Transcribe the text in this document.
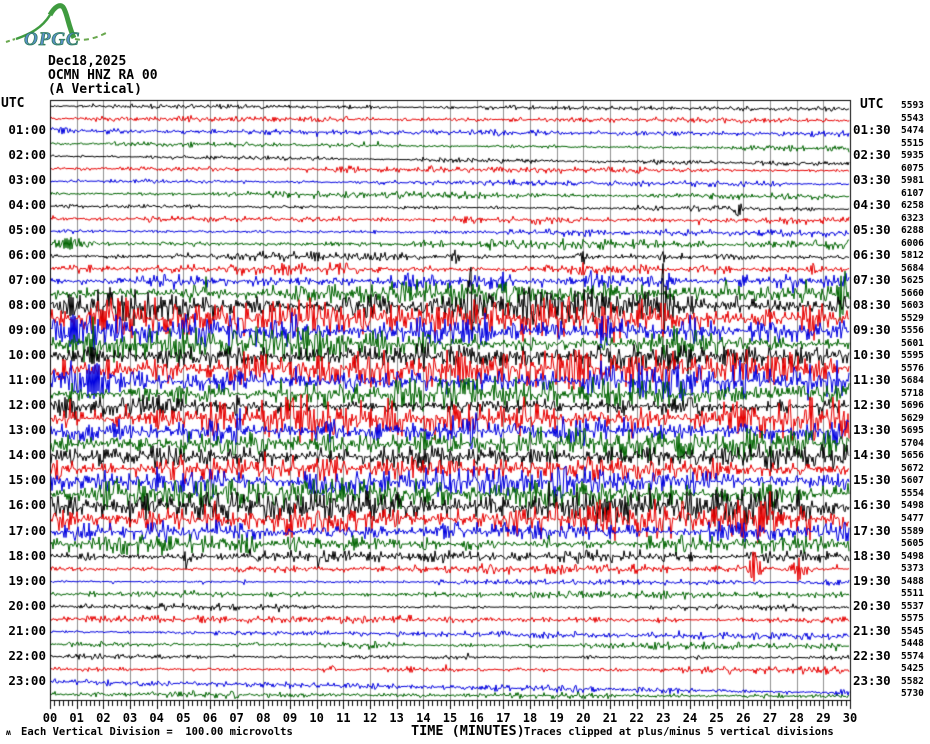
OPGC
Dec18,2025
OCMN HNZ RA 00
(A Vertical)
UTC	UTC
01:00
02:00
03:00
04:00
05:00
06:00
07:00
08:00
09:00
10:00
11:00
12:00
13:00
14:00
15:00
16:00
17:00
18:00
19:00
20:00
21:00
22:00
23:00
01:30
02:30
03:30
04:30
05:30
06:30
07:30
08:30
09:30
10:30
11:30
12:30
13:30
14:30
15:30
16:30
17:30
18:30
19:30
20:30
21:30
22:30
23:30
5593
5543
5474
5515
5935
6075
5981
6107
6258
6323
6288
6006
5812
5684
5625
5660
5603
5529
5556
5601
5595
5576
5684
5718
5696
5629
5695
5704
5656
5672
5607
5554
5498
5477
5589
5605
5498
5373
5488
5511
5537
5575
5545
5448
5574
5425
5582
5730
00	01	02	03	04	05	06	07	08	09	10	11	12	13	14	15	16	17	18	19	20	21	22	23	24	25	26	27	28	29	30
ʍ Each Vertical Division =  100.00 microvolts	TIME (MINUTES) Traces clipped at plus/minus 5 vertical divisions
